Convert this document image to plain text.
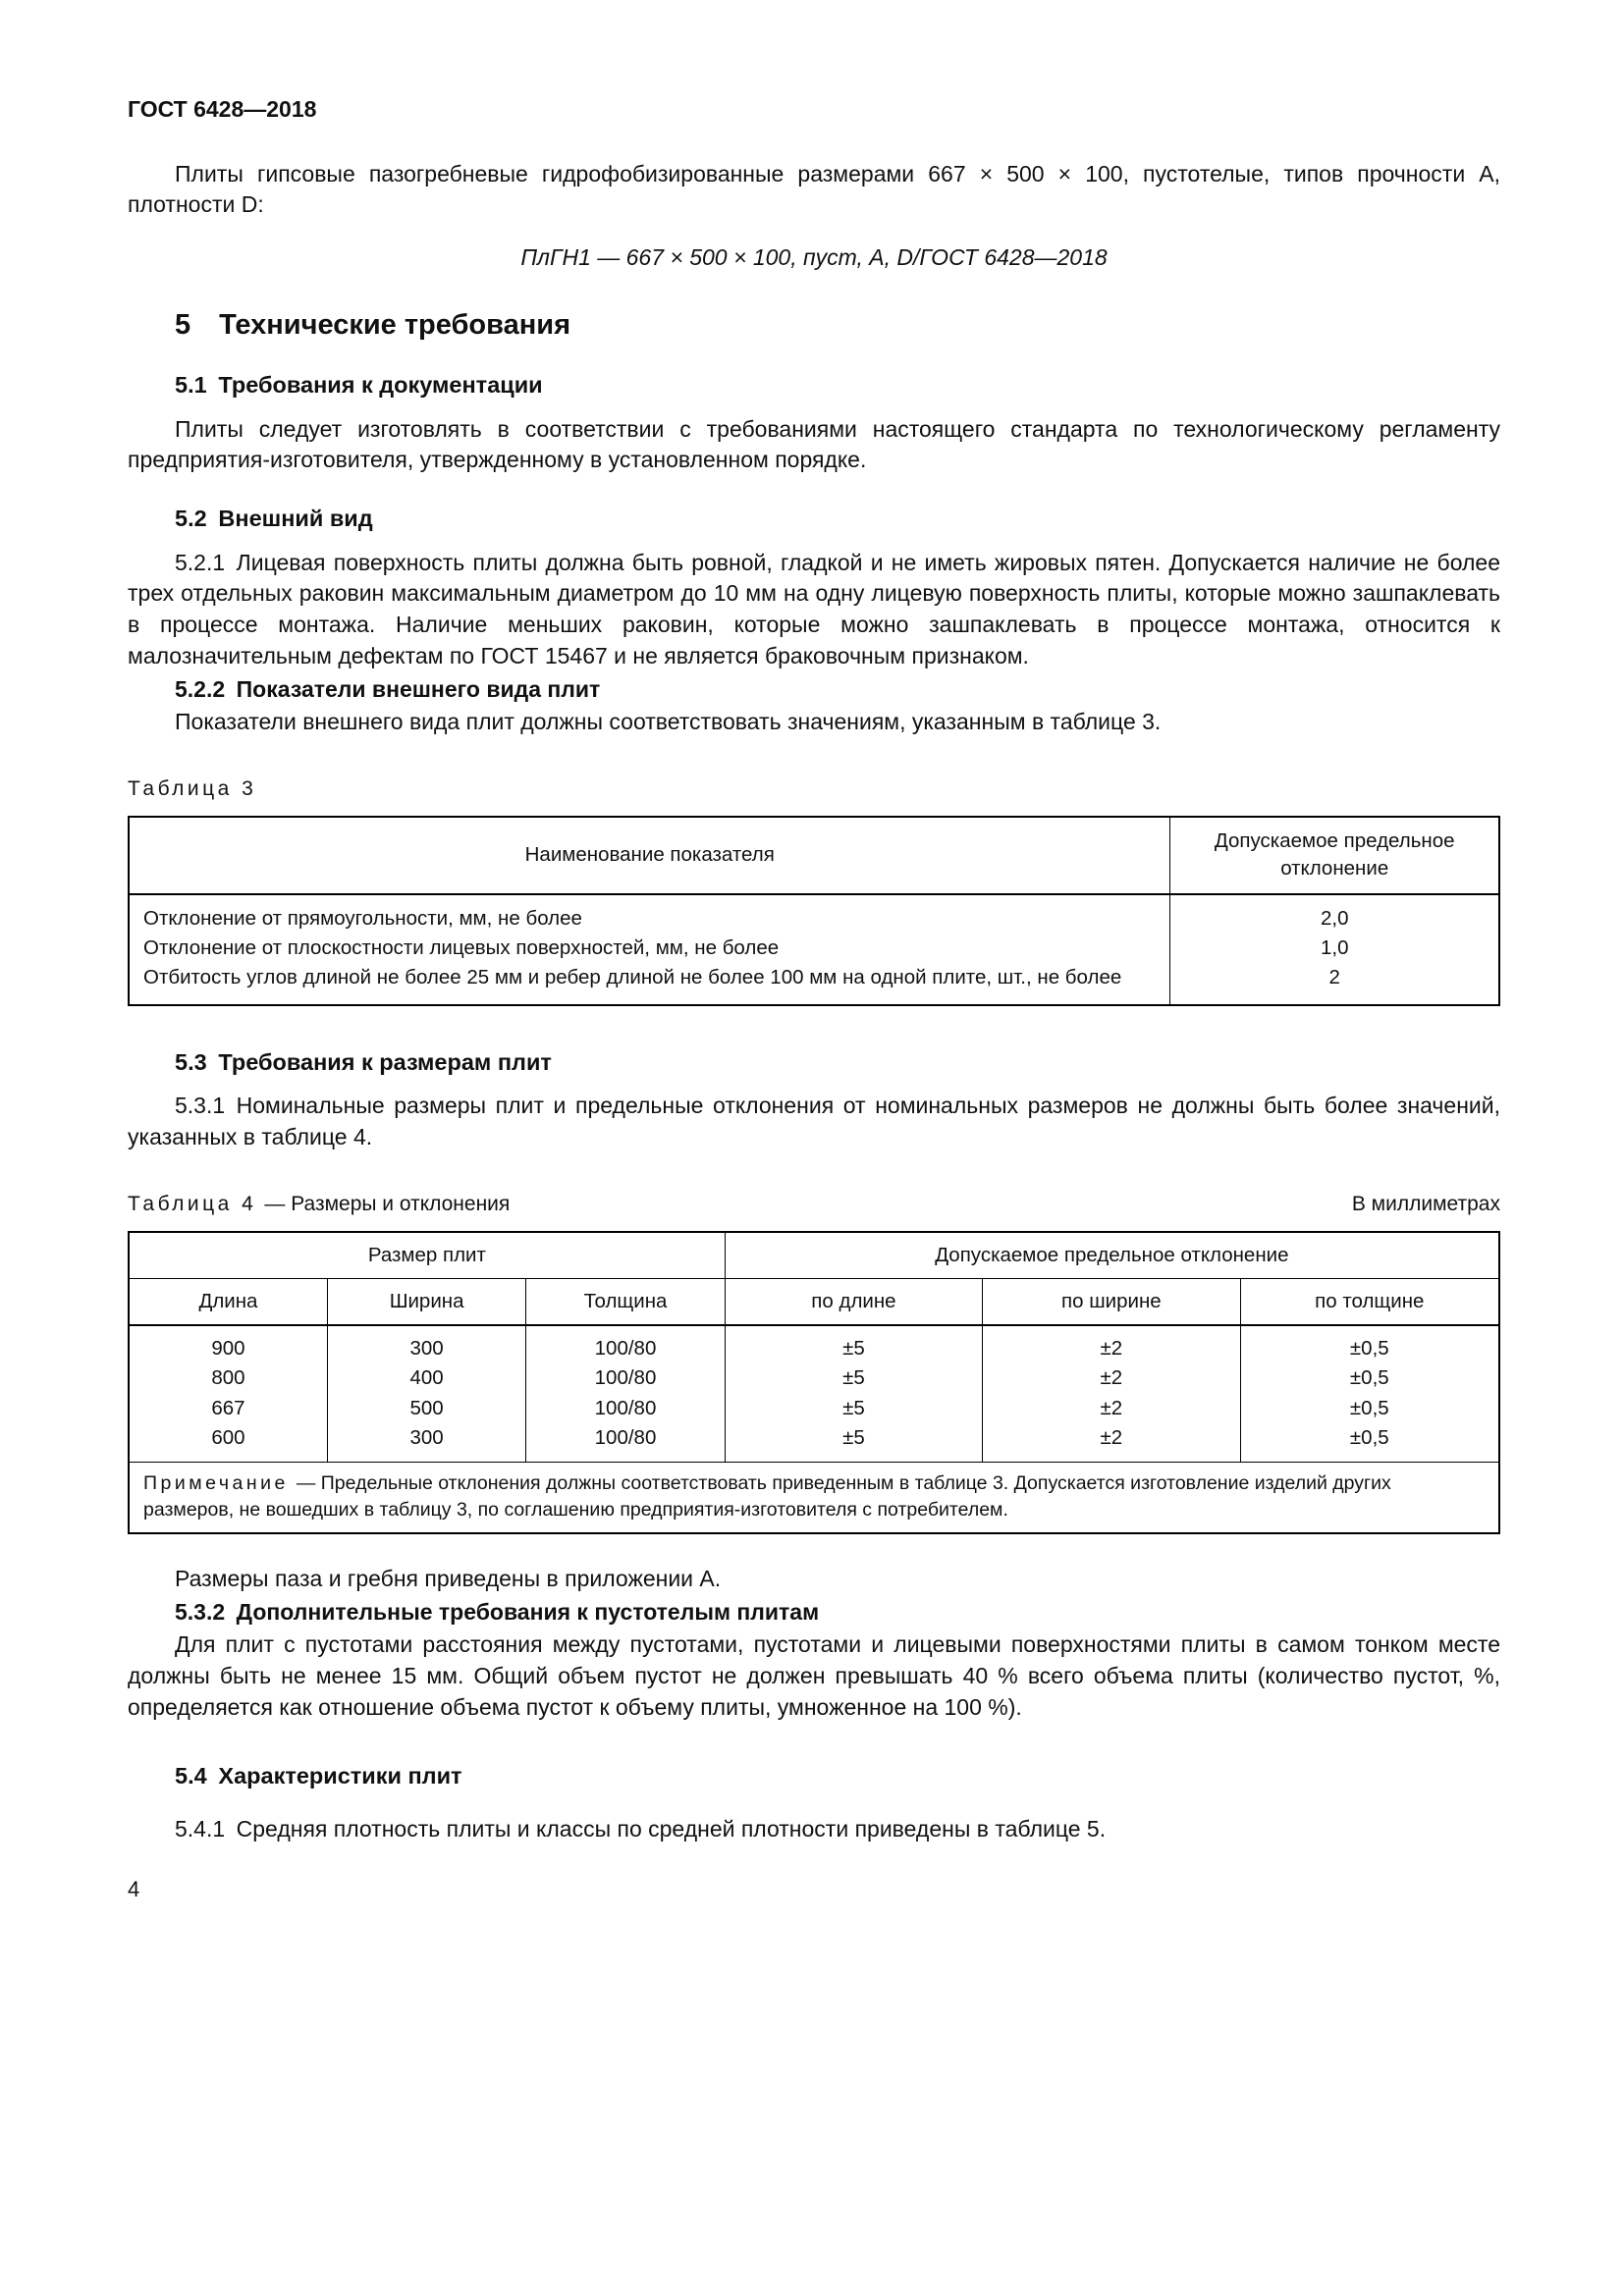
ГОСТ 6428—2018

Плиты гипсовые пазогребневые гидрофобизированные размерами 667 × 500 × 100, пустотелые, типов прочности А, плотности D:

ПлГН1 — 667 × 500 × 100, пуст, А, D/ГОСТ 6428—2018

5  Технические требования
5.1 Требования к документации

Плиты следует изготовлять в соответствии с требованиями настоящего стандарта по технологическому регламенту предприятия-изготовителя, утвержденному в установленном порядке.

5.2 Внешний вид

5.2.1 Лицевая поверхность плиты должна быть ровной, гладкой и не иметь жировых пятен. Допускается наличие не более трех отдельных раковин максимальным диаметром до 10 мм на одну лицевую поверхность плиты, которые можно зашпаклевать в процессе монтажа. Наличие меньших раковин, которые можно зашпаклевать в процессе монтажа, относится к малозначительным дефектам по ГОСТ 15467 и не является браковочным признаком.

5.2.2 Показатели внешнего вида плит

Показатели внешнего вида плит должны соответствовать значениям, указанным в таблице 3.

Таблица 3
Наименование показателя	Допускаемое предельное отклонение
Отклонение от прямоугольности, мм, не более	2,0
Отклонение от плоскостности лицевых поверхностей, мм, не более	1,0
Отбитость углов длиной не более 25 мм и ребер длиной не более 100 мм на одной плите, шт., не более	2
5.3 Требования к размерам плит

5.3.1 Номинальные размеры плит и предельные отклонения от номинальных размеров не должны быть более значений, указанных в таблице 4.

Таблица 4 — Размеры и отклонения	В миллиметрах
Размер плит			Допускаемое предельное отклонение		
Длина	Ширина	Толщина	по длине	по ширине	по толщине
900	300	100/80	±5	±2	±0,5
800	400	100/80	±5	±2	±0,5
667	500	100/80	±5	±2	±0,5
600	300	100/80	±5	±2	±0,5
Примечание — Предельные отклонения должны соответствовать приведенным в таблице 3. Допускается изготовление изделий других размеров, не вошедших в таблицу 3, по соглашению предприятия-изготовителя с потребителем.					

Размеры паза и гребня приведены в приложении А.

5.3.2 Дополнительные требования к пустотелым плитам

Для плит с пустотами расстояния между пустотами, пустотами и лицевыми поверхностями плиты в самом тонком месте должны быть не менее 15 мм. Общий объем пустот не должен превышать 40 % всего объема плиты (количество пустот, %, определяется как отношение объема пустот к объему плиты, умноженное на 100 %).

5.4 Характеристики плит

5.4.1 Средняя плотность плиты и классы по средней плотности приведены в таблице 5.

4
